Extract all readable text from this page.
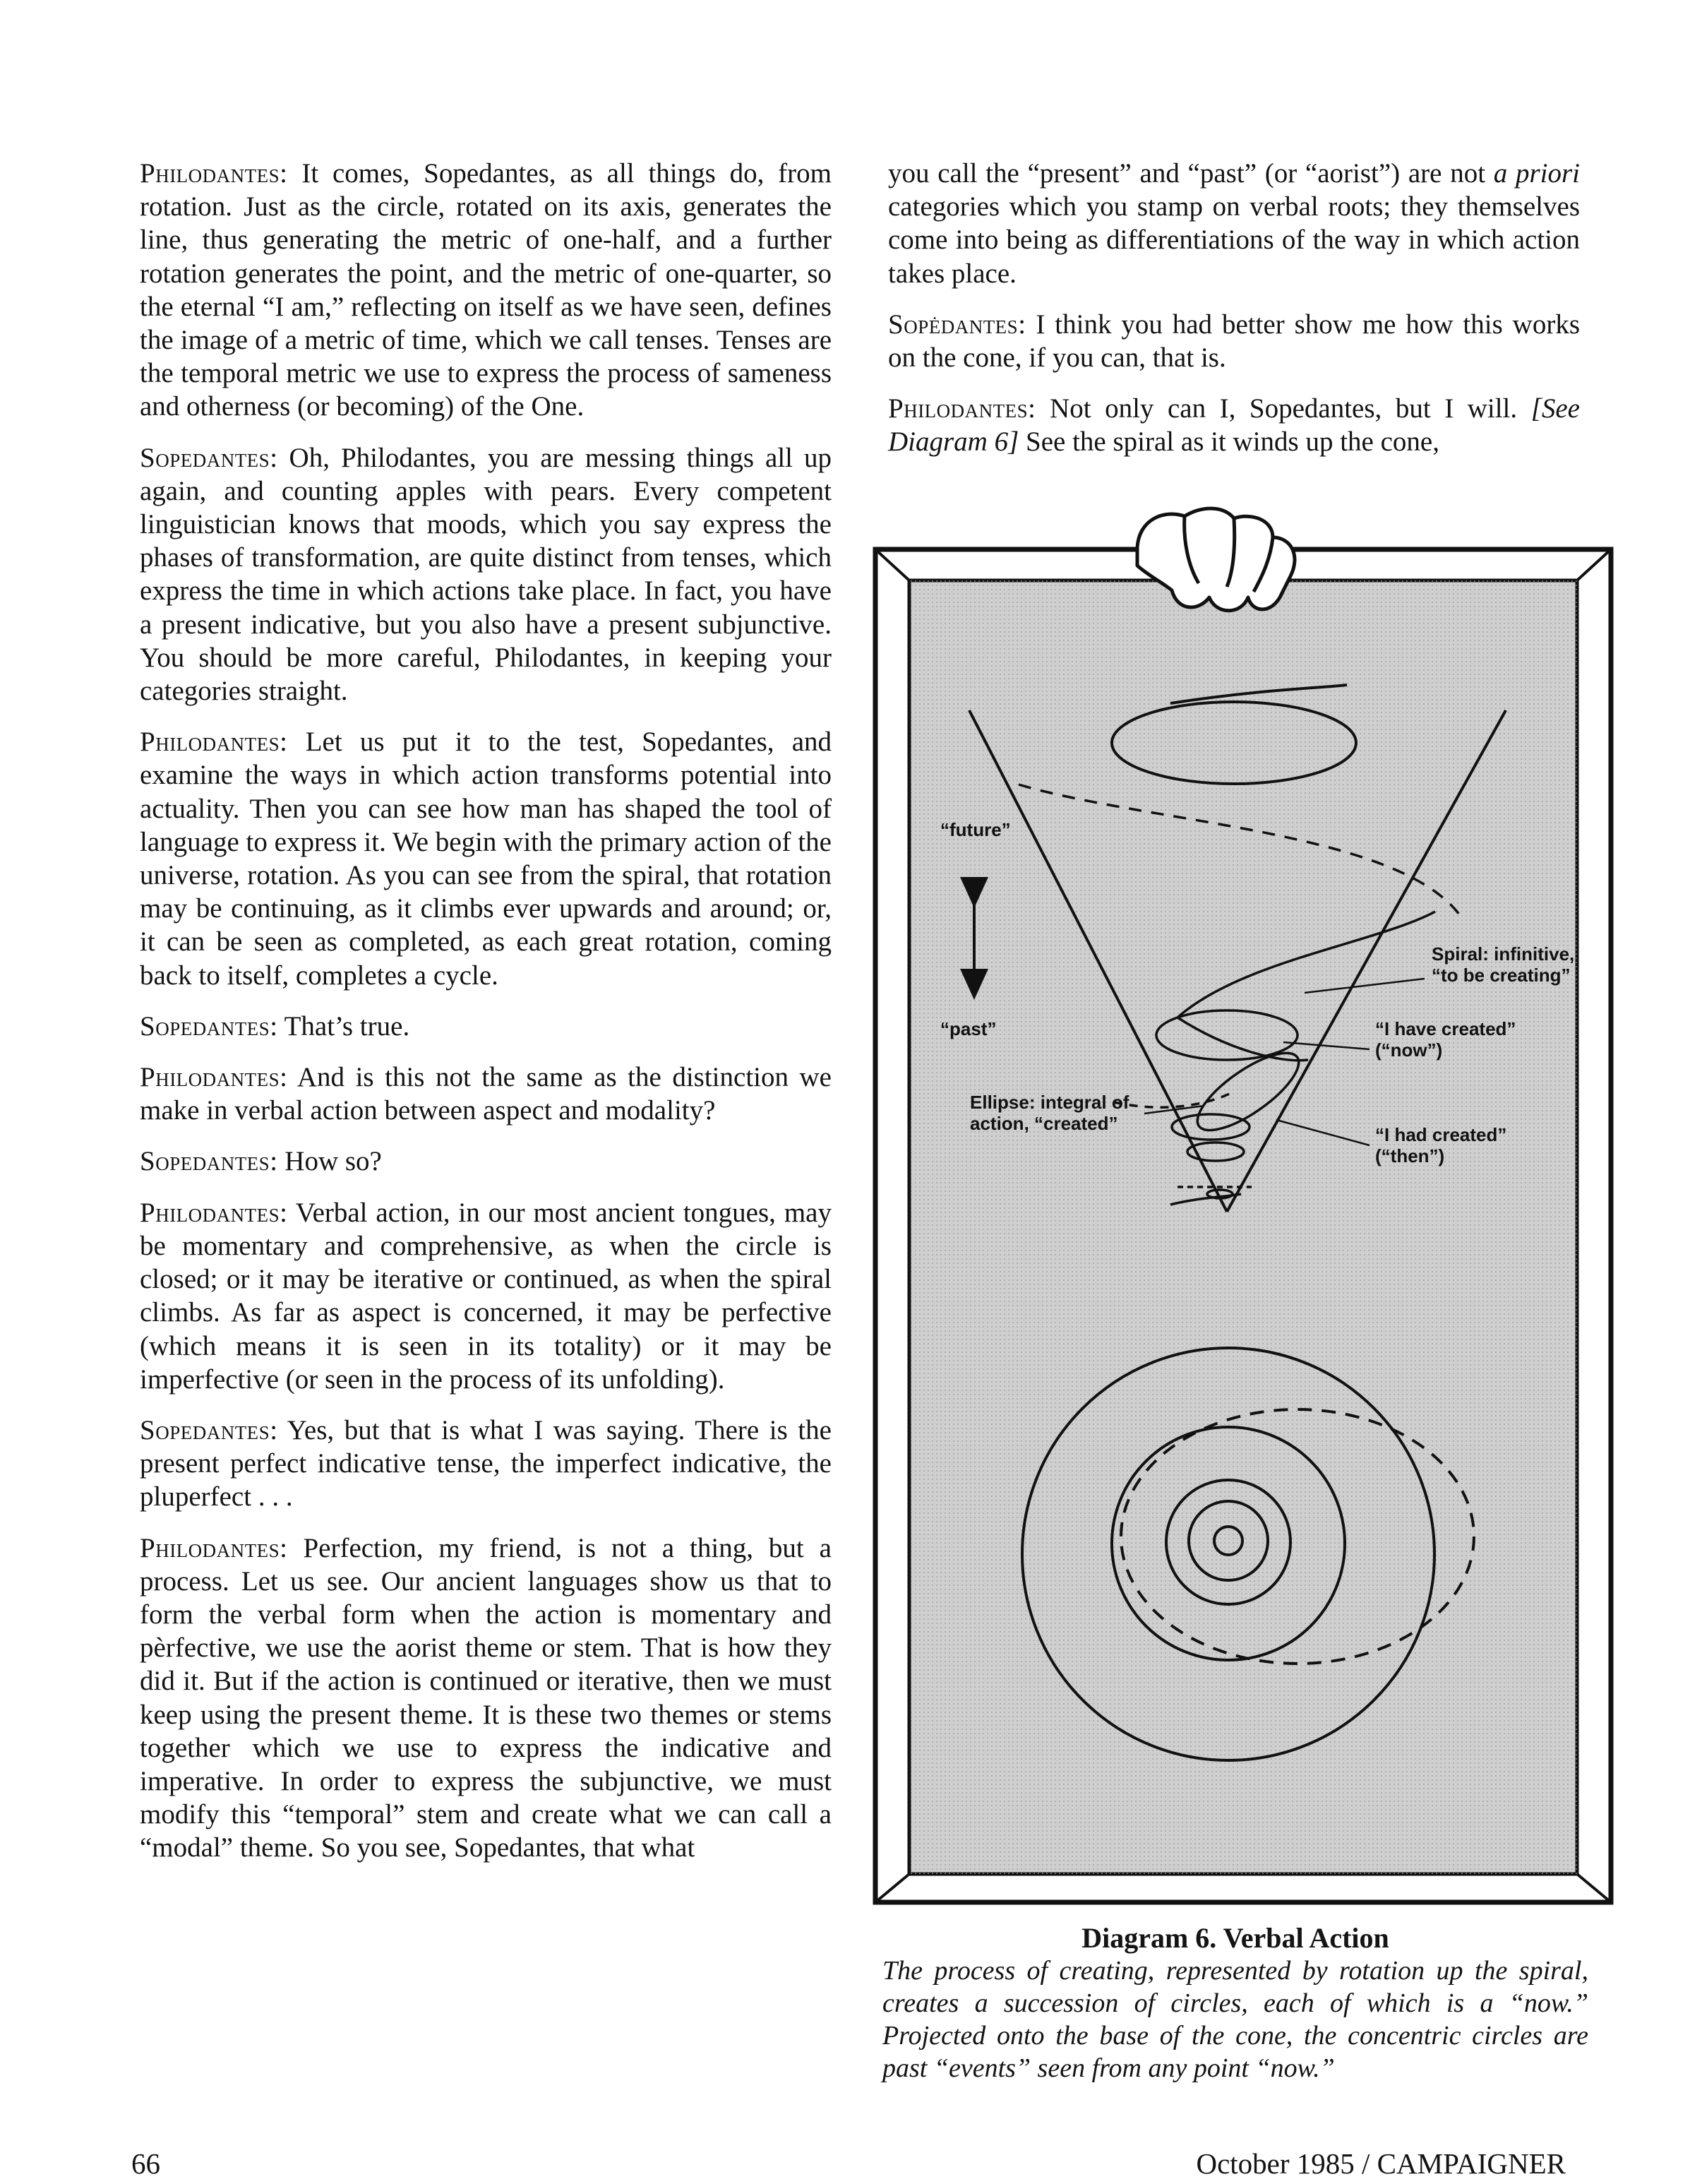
Philodantes: It comes, Sopedantes, as all things do, from rotation. Just as the circle, rotated on its axis, generates the line, thus generating the metric of one-half, and a further rotation generates the point, and the metric of one-quarter, so the eternal “I am,” reflecting on itself as we have seen, defines the image of a metric of time, which we call tenses. Tenses are the temporal metric we use to express the process of sameness and otherness (or becoming) of the One.

Sopedantes: Oh, Philodantes, you are messing things all up again, and counting apples with pears. Every competent linguistician knows that moods, which you say express the phases of transformation, are quite distinct from tenses, which express the time in which actions take place. In fact, you have a present indicative, but you also have a present subjunctive. You should be more careful, Philodantes, in keeping your categories straight.

Philodantes: Let us put it to the test, Sopedantes, and examine the ways in which action transforms potential into actuality. Then you can see how man has shaped the tool of language to express it. We begin with the primary action of the universe, rotation. As you can see from the spiral, that rotation may be continuing, as it climbs ever upwards and around; or, it can be seen as completed, as each great rotation, coming back to itself, completes a cycle.

Sopedantes: That’s true.

Philodantes: And is this not the same as the distinction we make in verbal action between aspect and modality?

Sopedantes: How so?

Philodantes: Verbal action, in our most ancient tongues, may be momentary and comprehensive, as when the circle is closed; or it may be iterative or continued, as when the spiral climbs. As far as aspect is concerned, it may be perfective (which means it is seen in its totality) or it may be imperfective (or seen in the process of its unfolding).

Sopedantes: Yes, but that is what I was saying. There is the present perfect indicative tense, the imperfect indicative, the pluperfect . . .

Philodantes: Perfection, my friend, is not a thing, but a process. Let us see. Our ancient languages show us that to form the verbal form when the action is momentary and pèrfective, we use the aorist theme or stem. That is how they did it. But if the action is continued or iterative, then we must keep using the present theme. It is these two themes or stems together which we use to express the indicative and imperative. In order to express the subjunctive, we must modify this “temporal” stem and create what we can call a “modal” theme. So you see, Sopedantes, that what

you call the “present” and “past” (or “aorist”) are not a priori categories which you stamp on verbal roots; they themselves come into being as differentiations of the way in which action takes place.

Sopėdantes: I think you had better show me how this works on the cone, if you can, that is.

Philodantes: Not only can I, Sopedantes, but I will. [See Diagram 6] See the spiral as it winds up the cone,

“future”
“past”
Spiral: infinitive,
“to be creating”
“I have created”
(“now”)
Ellipse: integral of
action, “created”
“I had created”
(“then”)
Diagram 6. Verbal Action
The process of creating, represented by rotation up the spiral, creates a succession of circles, each of which is a “now.” Projected onto the base of the cone, the concentric circles are past “events” seen from any point “now.”
66	October 1985 / CAMPAIGNER
